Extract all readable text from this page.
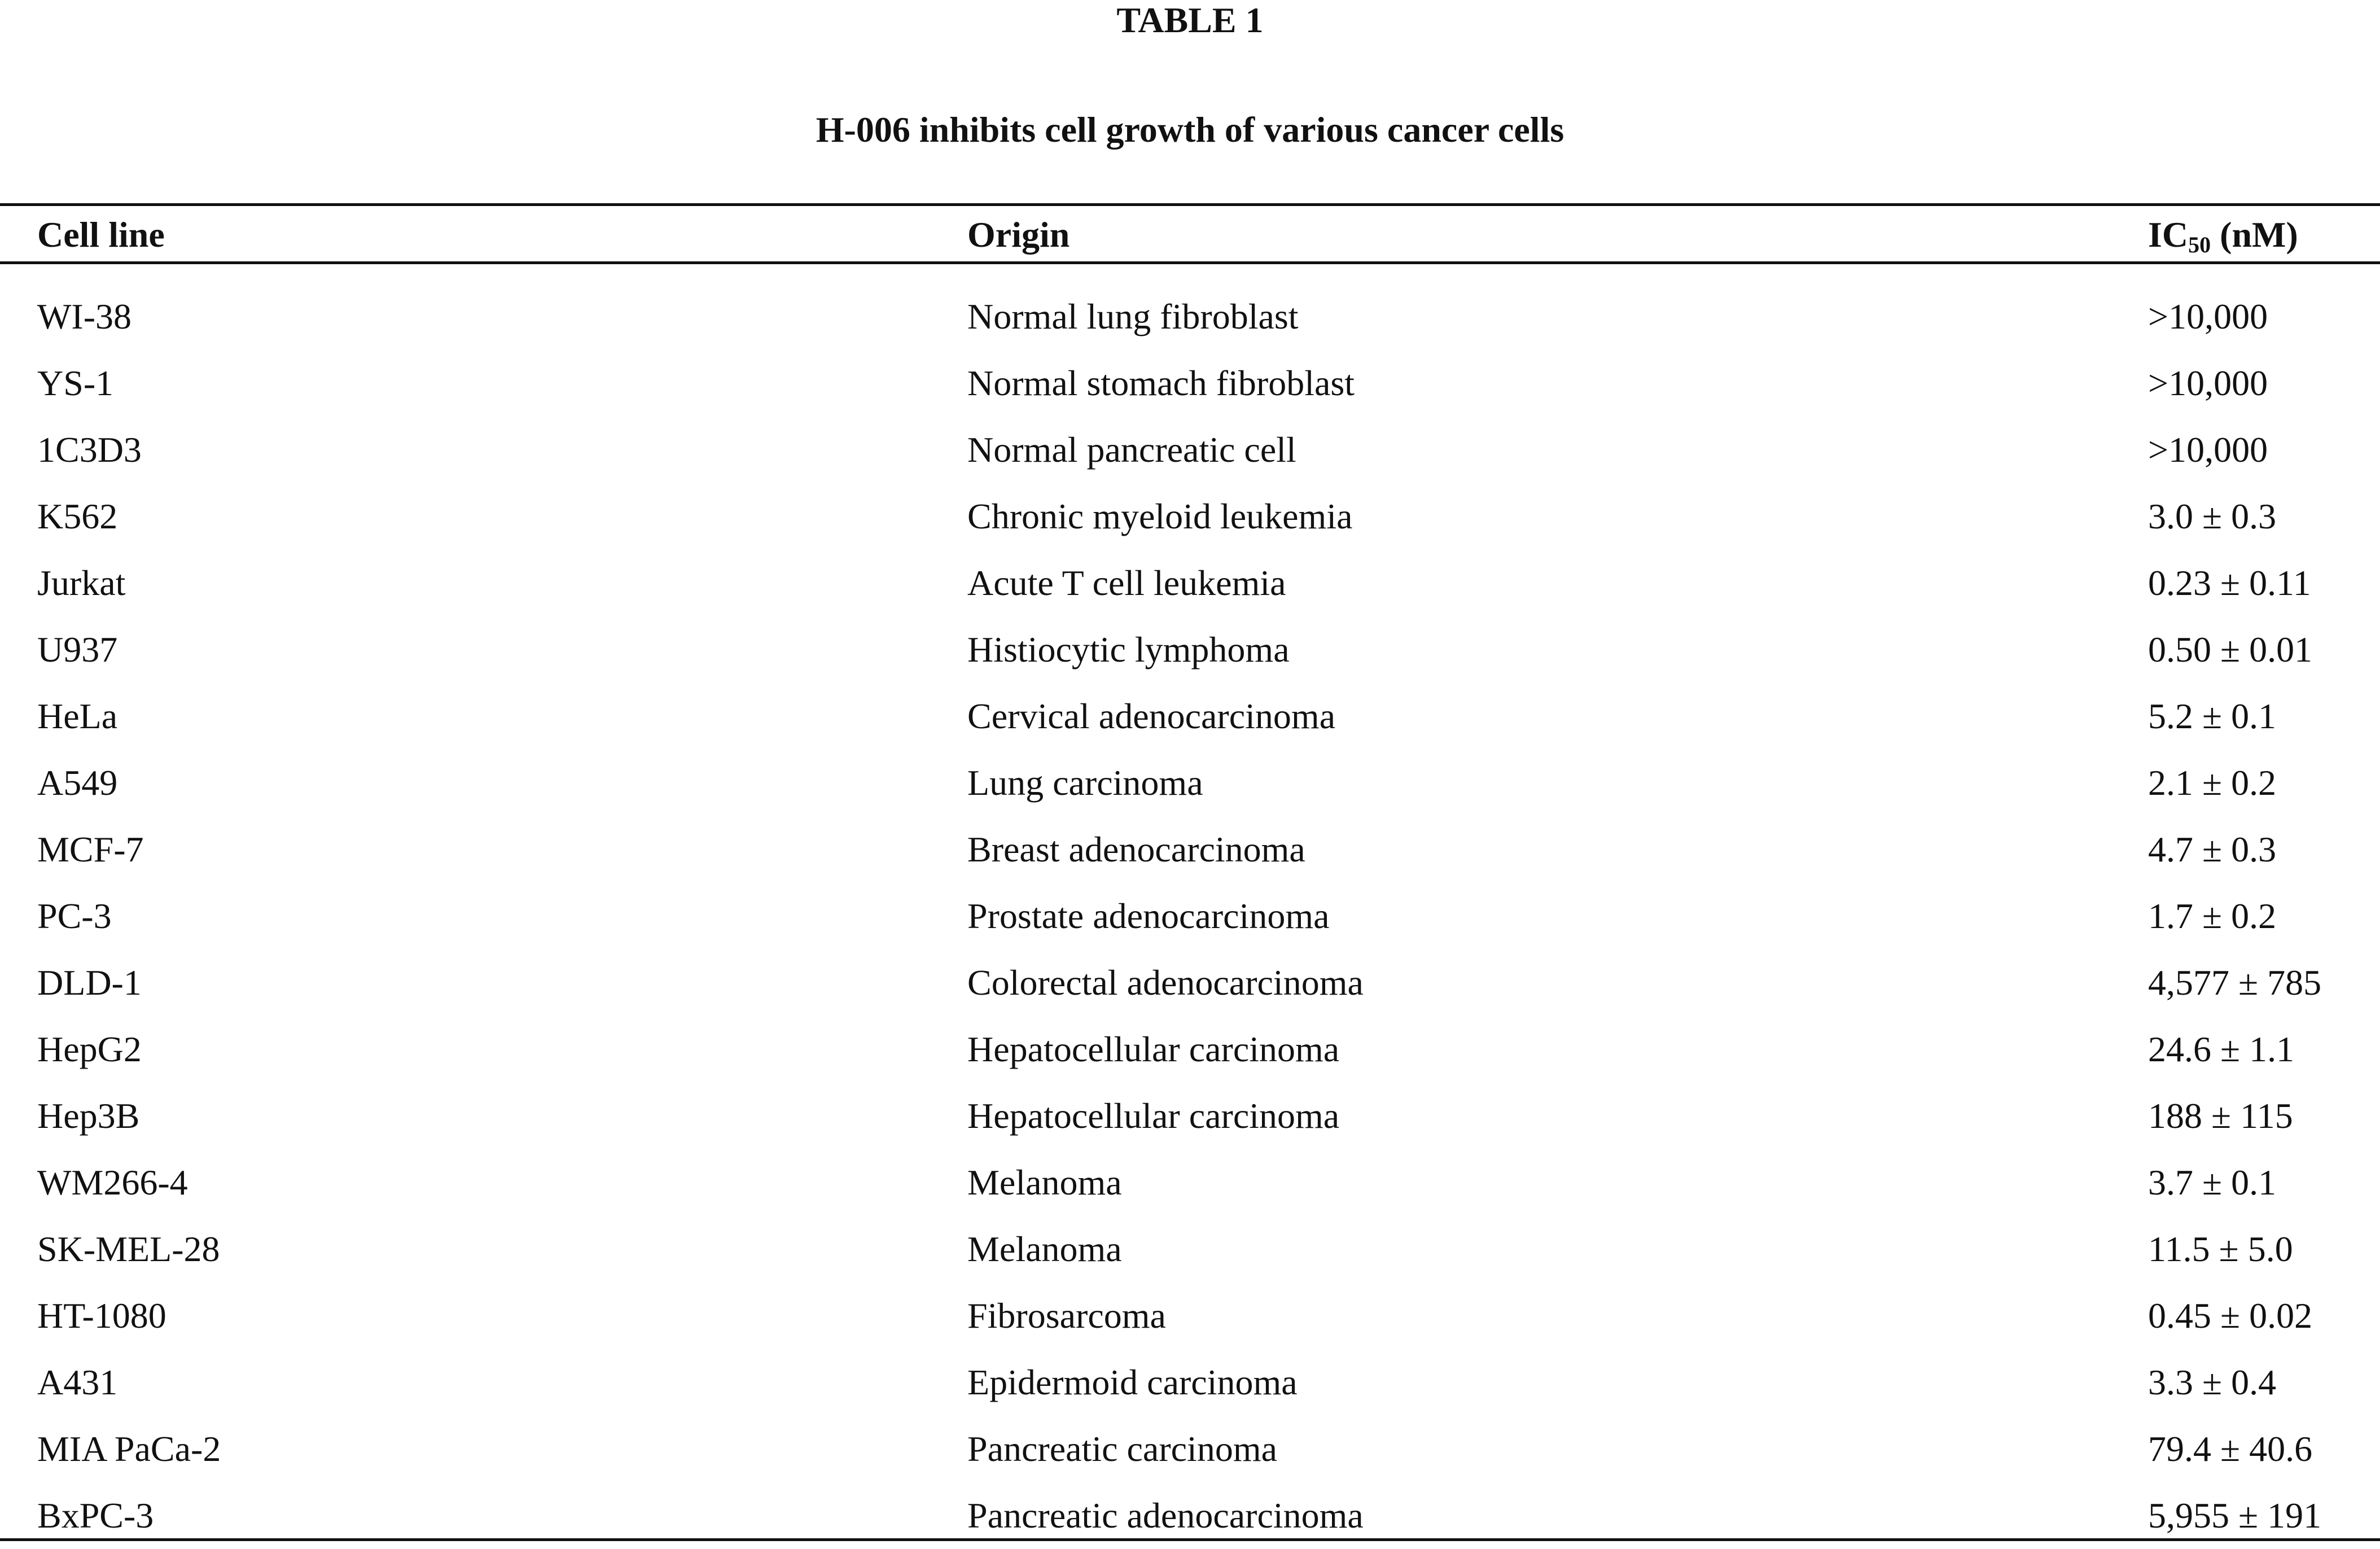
TABLE 1
H-006 inhibits cell growth of various cancer cells
Cell line	Origin	$IC_{50}$ (nM)
WI-38	Normal lung fibroblast	>10,000
YS-1	Normal stomach fibroblast	>10,000
1C3D3	Normal pancreatic cell	>10,000
K562	Chronic myeloid leukemia	3.0 ± 0.3
Jurkat	Acute T cell leukemia	0.23 ± 0.11
U937	Histiocytic lymphoma	0.50 ± 0.01
HeLa	Cervical adenocarcinoma	5.2 ± 0.1
A549	Lung carcinoma	2.1 ± 0.2
MCF-7	Breast adenocarcinoma	4.7 ± 0.3
PC-3	Prostate adenocarcinoma	1.7 ± 0.2
DLD-1	Colorectal adenocarcinoma	4,577 ± 785
HepG2	Hepatocellular carcinoma	24.6 ± 1.1
Hep3B	Hepatocellular carcinoma	188 ± 115
WM266-4	Melanoma	3.7 ± 0.1
SK-MEL-28	Melanoma	11.5 ± 5.0
HT-1080	Fibrosarcoma	0.45 ± 0.02
A431	Epidermoid carcinoma	3.3 ± 0.4
MIA PaCa-2	Pancreatic carcinoma	79.4 ± 40.6
BxPC-3	Pancreatic adenocarcinoma	5,955 ± 191
